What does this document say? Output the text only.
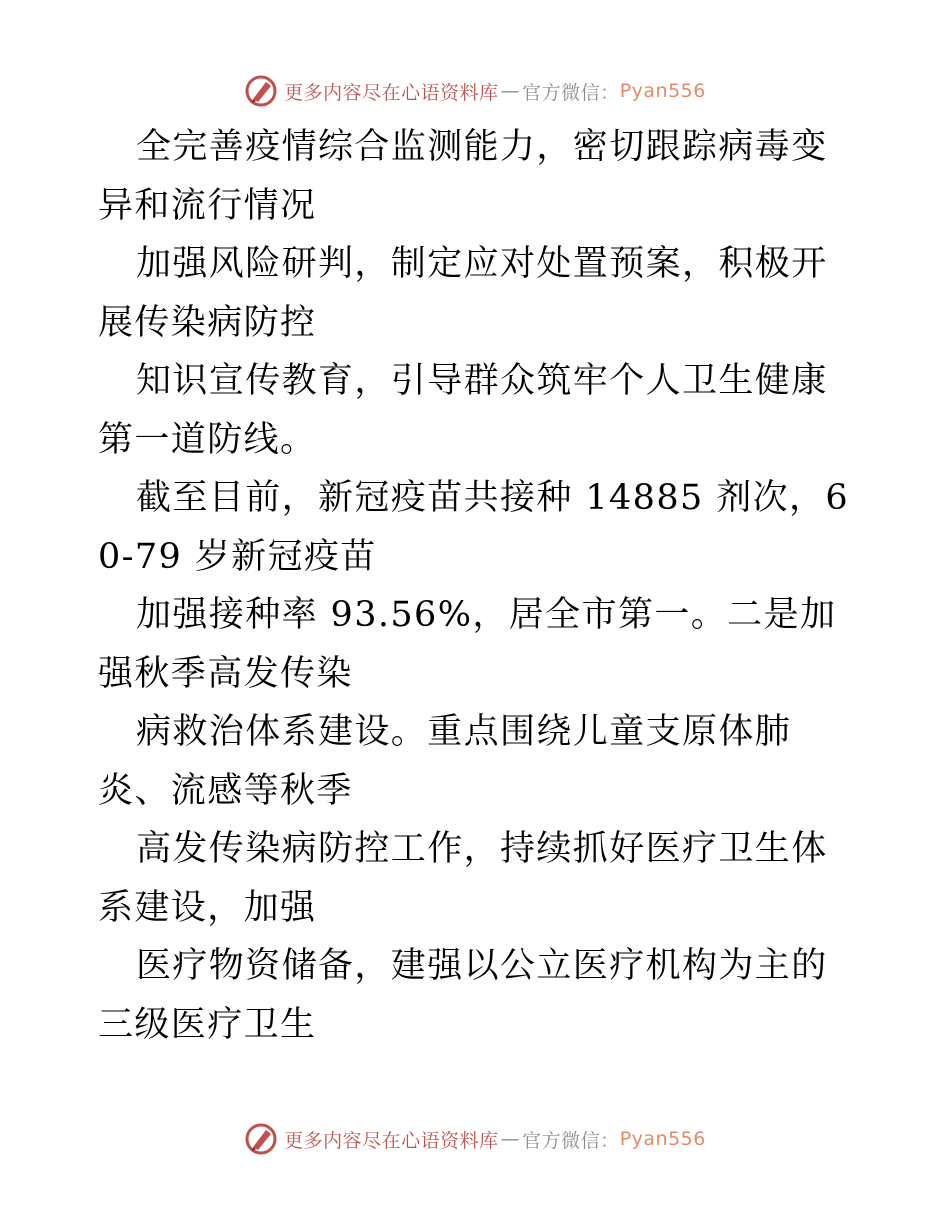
更多内容尽在心语资料库 — 官方微信： Pyan556

全完善疫情综合监测能力，密切跟踪病毒变异和流行情况

加强风险研判，制定应对处置预案，积极开展传染病防控

知识宣传教育，引导群众筑牢个人卫生健康第一道防线。

截至目前，新冠疫苗共接种 14885 剂次，60-79 岁新冠疫苗

加强接种率 93.56%，居全市第一。二是加强秋季高发传染

病救治体系建设。重点围绕儿童支原体肺炎、流感等秋季

高发传染病防控工作，持续抓好医疗卫生体系建设，加强

医疗物资储备，建强以公立医疗机构为主的三级医疗卫生

更多内容尽在心语资料库 — 官方微信： Pyan556
